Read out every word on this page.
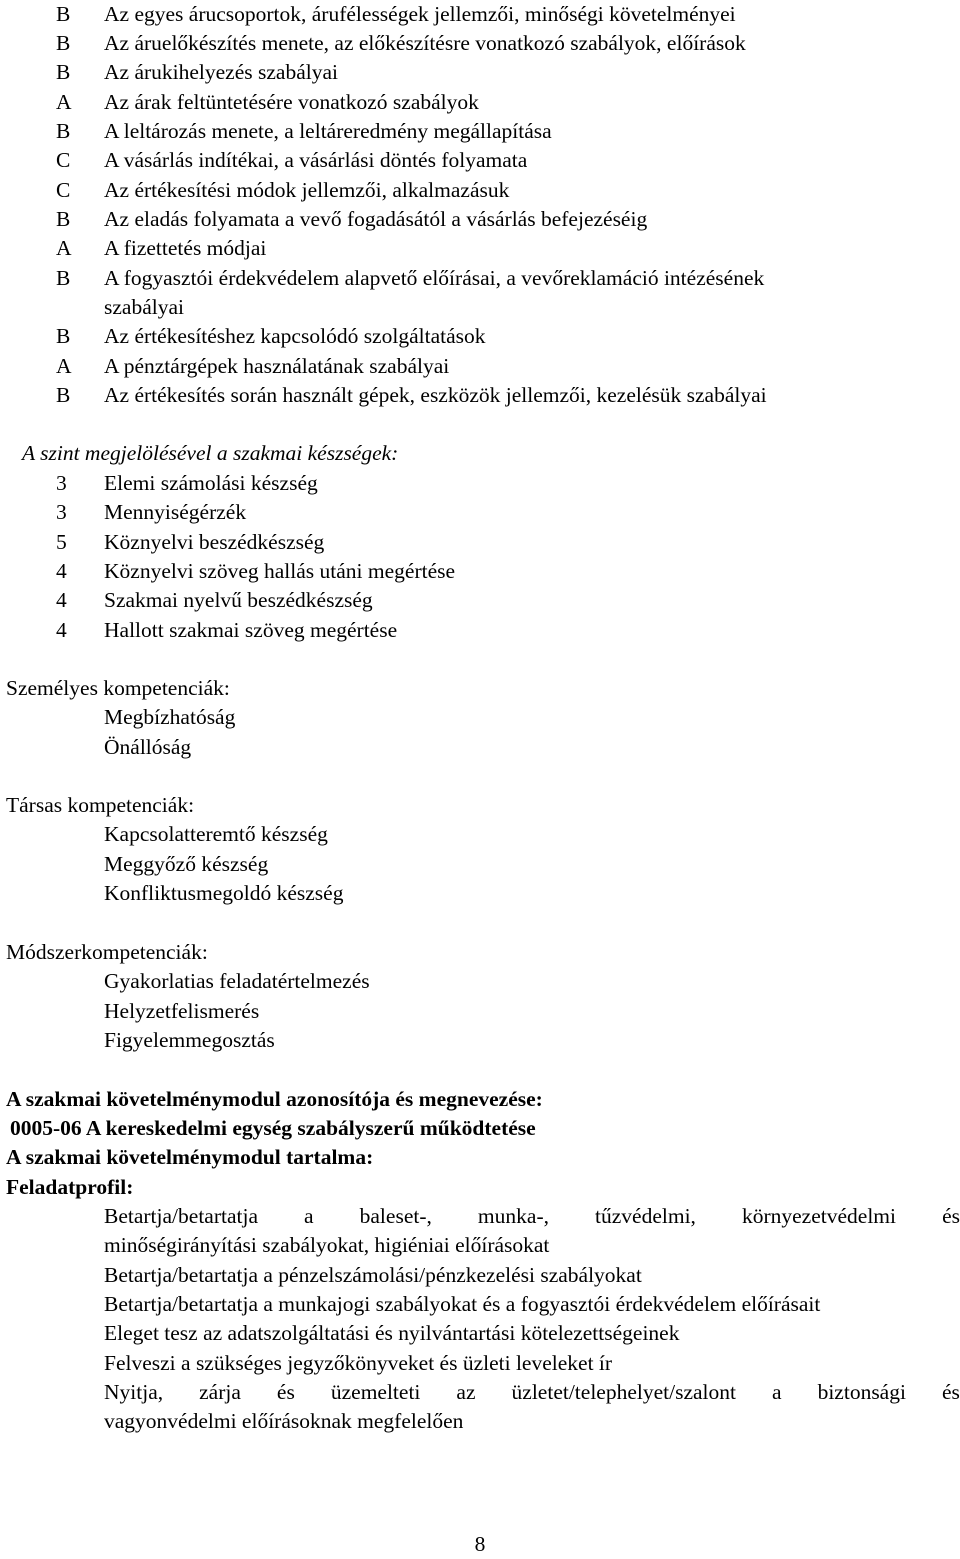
B	Az egyes árucsoportok, árufélességek jellemzői, minőségi követelményei
B	Az áruelőkészítés menete, az előkészítésre vonatkozó szabályok, előírások
B	Az árukihelyezés szabályai
A	Az árak feltüntetésére vonatkozó szabályok
B	A leltározás menete, a leltáreredmény megállapítása
C	A vásárlás indítékai, a vásárlási döntés folyamata
C	Az értékesítési módok jellemzői, alkalmazásuk
B	Az eladás folyamata a vevő fogadásától a vásárlás befejezéséig
A	A fizettetés módjai
B	A fogyasztói érdekvédelem alapvető előírásai, a vevőreklamáció intézésének
szabályai
B	Az értékesítéshez kapcsolódó szolgáltatások
A	A pénztárgépek használatának szabályai
B	Az értékesítés során használt gépek, eszközök jellemzői, kezelésük szabályai
A szint megjelölésével a szakmai készségek:
3 Elemi számolási készség
3 Mennyiségérzék
5 Köznyelvi beszédkészség
4 Köznyelvi szöveg hallás utáni megértése
4 Szakmai nyelvű beszédkészség
4 Hallott szakmai szöveg megértése
Személyes kompetenciák:
Megbízhatóság
Önállóság
Társas kompetenciák:
Kapcsolatteremtő készség
Meggyőző készség
Konfliktusmegoldó készség
Módszerkompetenciák:
Gyakorlatias feladatértelmezés
Helyzetfelismerés
Figyelemmegosztás
A szakmai követelménymodul azonosítója és megnevezése:
0005-06 A kereskedelmi egység szabályszerű működtetése
A szakmai követelménymodul tartalma:
Feladatprofil:
Betartja/betartatja a baleset-, munka-, tűzvédelmi, környezetvédelmi és
minőségirányítási szabályokat, higiéniai előírásokat
Betartja/betartatja a pénzelszámolási/pénzkezelési szabályokat
Betartja/betartatja a munkajogi szabályokat és a fogyasztói érdekvédelem előírásait
Eleget tesz az adatszolgáltatási és nyilvántartási kötelezettségeinek
Felveszi a szükséges jegyzőkönyveket és üzleti leveleket ír
Nyitja, zárja és üzemelteti az üzletet/telephelyet/szalont a biztonsági és
vagyonvédelmi előírásoknak megfelelően
8
